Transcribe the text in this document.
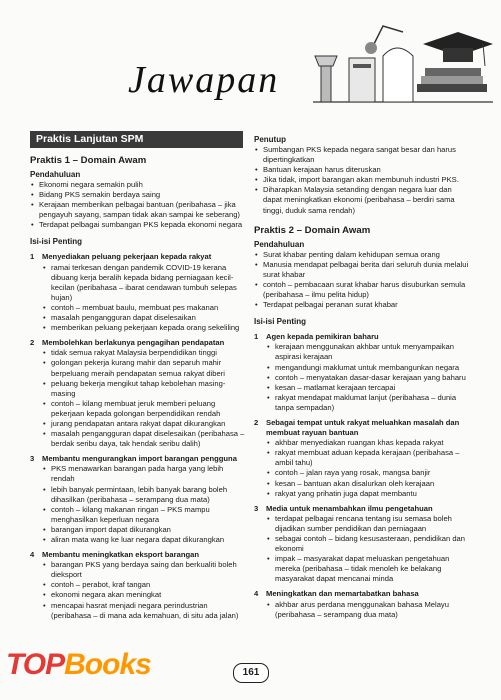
Jawapan
Praktis Lanjutan SPM
Praktis 1 – Domain Awam
Pendahuluan
• Ekonomi negara semakin pulih
• Bidang PKS semakin berdaya saing
• Kerajaan memberikan pelbagai bantuan (peribahasa – jika pengayuh sayang, sampan tidak akan sampai ke seberang)
• Terdapat pelbagai sumbangan PKS kepada ekonomi negara
Isi-isi Penting
1	Menyediakan peluang pekerjaan kepada rakyat
• ramai terkesan dengan pandemik COVID-19 kerana dibuang kerja beralih kepada bidang perniagaan kecil-kecilan (peribahasa – ibarat cendawan tumbuh selepas hujan)
• contoh – membuat baulu, membuat pes makanan
• masalah pengangguran dapat diselesaikan
• memberikan peluang pekerjaan kepada orang sekeliling
2	Membolehkan berlakunya pengagihan pendapatan
• tidak semua rakyat Malaysia berpendidikan tinggi
• golongan pekerja kurang mahir dan separuh mahir berpeluang meraih pendapatan semua rakyat diberi
• peluang bekerja mengikut tahap kebolehan masing-masing
• contoh – kilang membuat jeruk memberi peluang pekerjaan kepada golongan berpendidikan rendah
• jurang pendapatan antara rakyat dapat dikurangkan
• masalah pengangguran dapat diselesaikan (peribahasa – berdak seribu daya, tak hendak seribu dalih)
3	Membantu mengurangkan import barangan pengguna
• PKS menawarkan barangan pada harga yang lebih rendah
• lebih banyak permintaan, lebih banyak barang boleh dihasilkan (peribahasa – serampang dua mata)
• contoh – kilang makanan ringan – PKS mampu menghasilkan keperluan negara
• barangan import dapat dikurangkan
• aliran mata wang ke luar negara dapat dikurangkan
4	Membantu meningkatkan eksport barangan
• barangan PKS yang berdaya saing dan berkualiti boleh dieksport
• contoh – perabot, kraf tangan
• ekonomi negara akan meningkat
• mencapai hasrat menjadi negara perindustrian (peribahasa – di mana ada kemahuan, di situ ada jalan)
Penutup
• Sumbangan PKS kepada negara sangat besar dan harus dipertingkatkan
• Bantuan kerajaan harus diteruskan
• Jika tidak, import barangan akan membunuh industri PKS.
• Diharapkan Malaysia setanding dengan negara luar dan dapat meningkatkan ekonomi (peribahasa – berdiri sama tinggi, duduk sama rendah)
Praktis 2 – Domain Awam
Pendahuluan
• Surat khabar penting dalam kehidupan semua orang
• Manusia mendapat pelbagai berita dari seluruh dunia melalui surat khabar
• contoh – pembacaan surat khabar harus disuburkan semula (peribahasa – ilmu pelita hidup)
• Terdapat pelbagai peranan surat khabar
Isi-isi Penting
1	Agen kepada pemikiran baharu
• kerajaan menggunakan akhbar untuk menyampaikan aspirasi kerajaan
• mengandungi maklumat untuk membangunkan negara
• contoh – menyatakan dasar-dasar kerajaan yang baharu
• kesan – matlamat kerajaan tercapai
• rakyat mendapat maklumat lanjut (peribahasa – dunia tanpa sempadan)
2	Sebagai tempat untuk rakyat meluahkan masalah dan membuat rayuan bantuan
• akhbar menyediakan ruangan khas kepada rakyat
• rakyat membuat aduan kepada kerajaan (peribahasa – ambil tahu)
• contoh – jalan raya yang rosak, mangsa banjir
• kesan – bantuan akan disalurkan oleh kerajaan
• rakyat yang prihatin juga dapat membantu
3	Media untuk menambahkan ilmu pengetahuan
• terdapat pelbagai rencana tentang isu semasa boleh dijadikan sumber pendidikan dan perniagaan
• sebagai contoh – bidang kesusasteraan, pendidikan dan ekonomi
• impak – masyarakat dapat meluaskan pengetahuan mereka (peribahasa – tidak menoleh ke belakang masyarakat dapat mencanai minda
4	Meningkatkan dan memartabatkan bahasa
• akhbar arus perdana menggunakan bahasa Melayu (peribahasa – serampang dua mata)
TOPBooks	161
